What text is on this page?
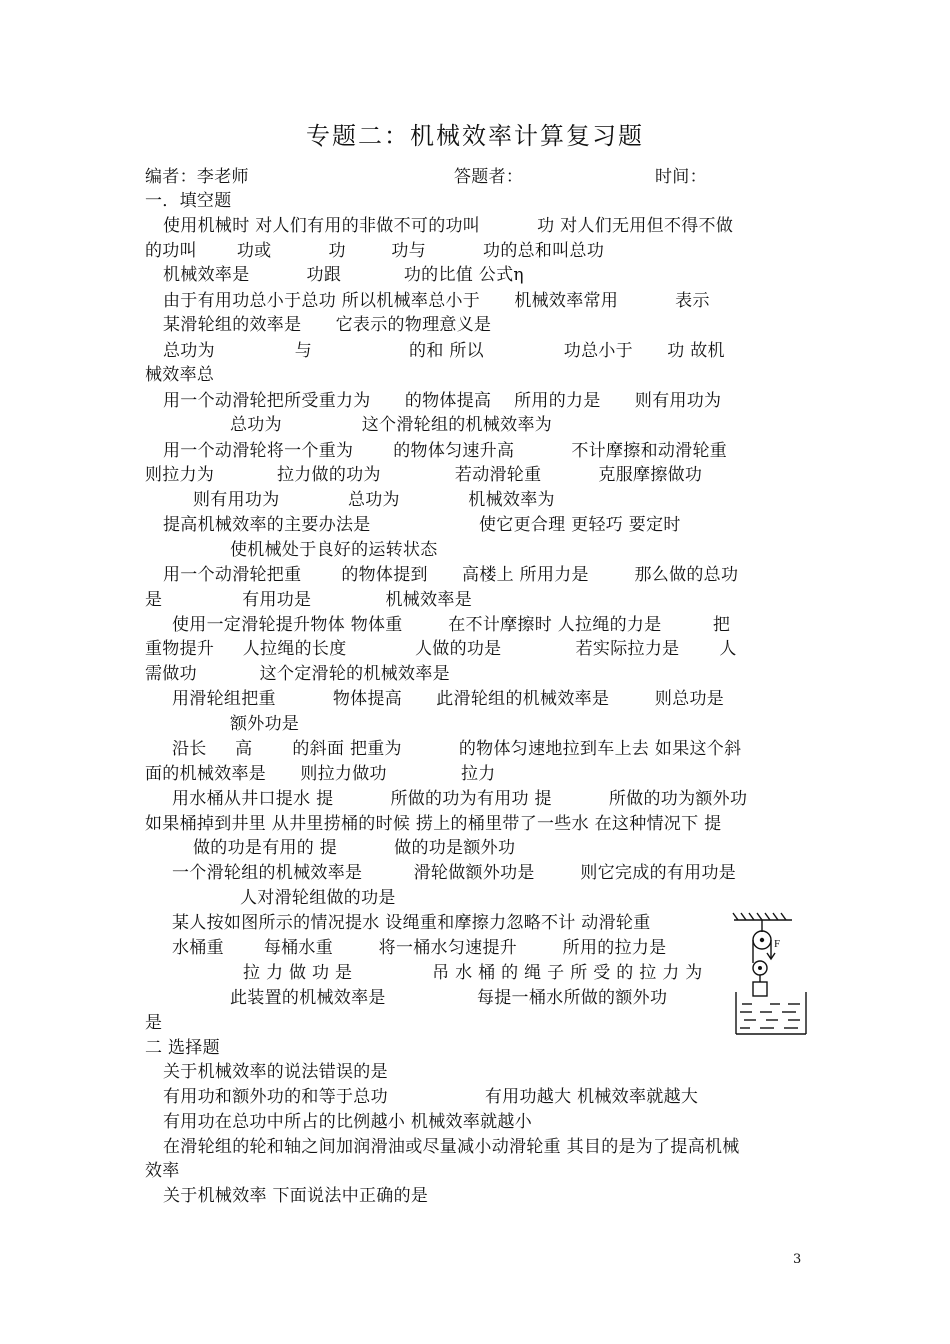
专题二：机械效率计算复习题
编者：李老师	答题者：	时间：
一．填空题
使用机械时 对人们有用的非做不可的功叫          功 对人们无用但不得不做
的功叫       功或          功        功与          功的总和叫总功
机械效率是          功跟           功的比值 公式η
由于有用功总小于总功 所以机械率总小于      机械效率常用          表示
某滑轮组的效率是      它表示的物理意义是
总功为              与                 的和 所以              功总小于      功 故机
械效率总
用一个动滑轮把所受重力为      的物体提高    所用的力是      则有用功为
总功为              这个滑轮组的机械效率为
用一个动滑轮将一个重为       的物体匀速升高          不计摩擦和动滑轮重
则拉力为           拉力做的功为             若动滑轮重          克服摩擦做功
则有用功为            总功为            机械效率为
提高机械效率的主要办法是                   使它更合理 更轻巧 要定时
使机械处于良好的运转状态
用一个动滑轮把重       的物体提到      高楼上 所用力是        那么做的总功
是              有用功是             机械效率是
使用一定滑轮提升物体 物体重        在不计摩擦时 人拉绳的力是         把
重物提升     人拉绳的长度            人做的功是             若实际拉力是       人
需做功           这个定滑轮的机械效率是
用滑轮组把重          物体提高      此滑轮组的机械效率是        则总功是
额外功是
沿长     高       的斜面 把重为          的物体匀速地拉到车上去 如果这个斜
面的机械效率是      则拉力做功             拉力
用水桶从井口提水 提          所做的功为有用功 提          所做的功为额外功
如果桶掉到井里 从井里捞桶的时候 捞上的桶里带了一些水 在这种情况下 提
做的功是有用的 提          做的功是额外功
一个滑轮组的机械效率是         滑轮做额外功是        则它完成的有用功是
人对滑轮组做的功是
某人按如图所示的情况提水 设绳重和摩擦力忽略不计 动滑轮重
水桶重       每桶水重        将一桶水匀速提升        所用的拉力是
拉 力 做 功 是              吊 水 桶 的 绳 子 所 受 的 拉 力 为
此装置的机械效率是                每提一桶水所做的额外功
是
二 选择题
关于机械效率的说法错误的是
有用功和额外功的和等于总功                 有用功越大 机械效率就越大
有用功在总功中所占的比例越小 机械效率就越小
在滑轮组的轮和轴之间加润滑油或尽量减小动滑轮重 其目的是为了提高机械
效率
关于机械效率 下面说法中正确的是
F
3
